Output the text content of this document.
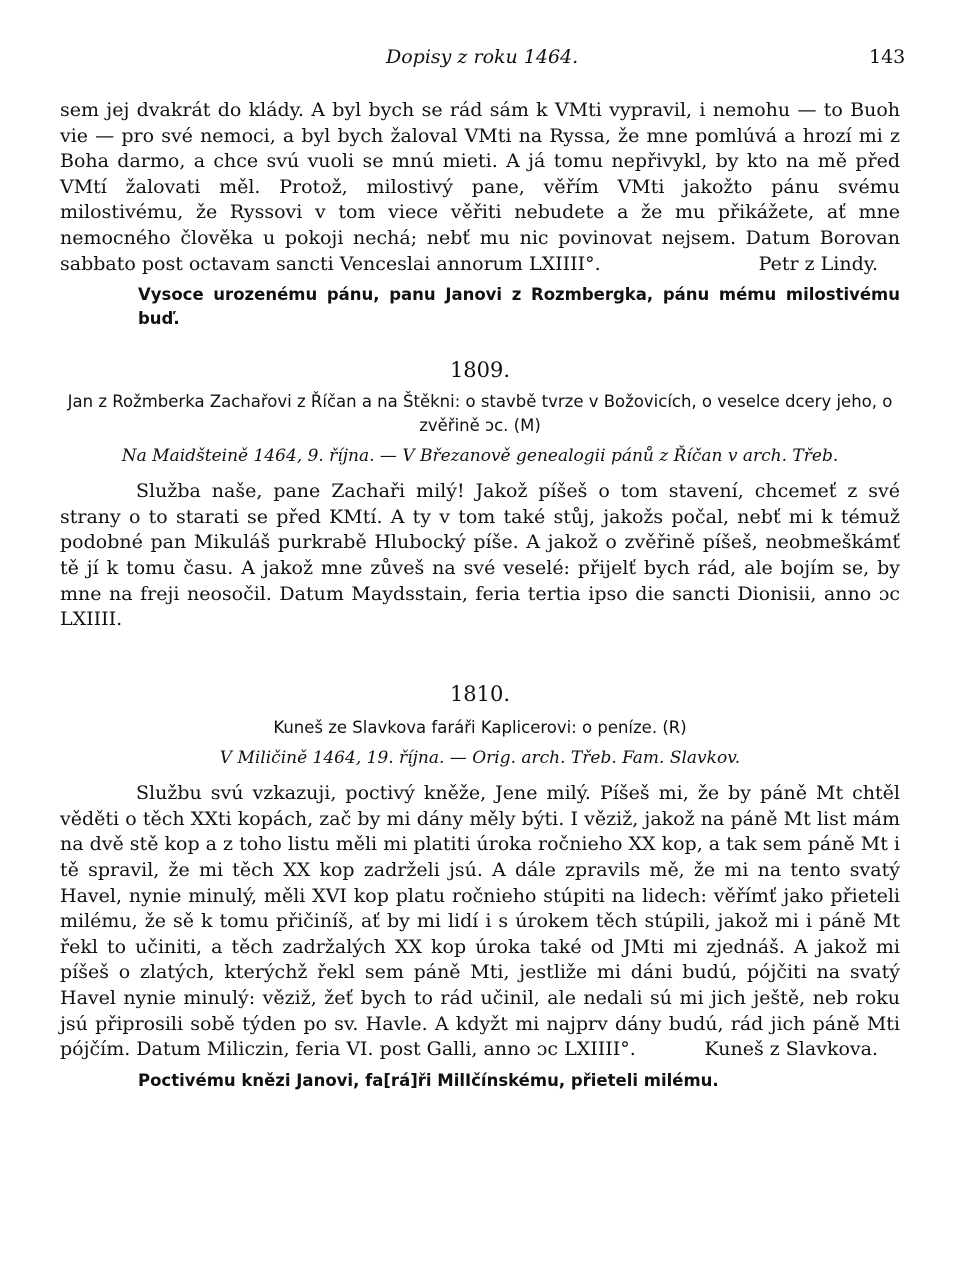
Dopisy z roku 1464.	143

sem jej dvakrát do klády. A byl bych se rád sám k VMti vypravil, i nemohu — to Buoh vie — pro své nemoci, a byl bych žaloval VMti na Ryssa, že mne pomlúvá a hrozí mi z Boha darmo, a chce svú vuoli se mnú mieti. A já tomu nepřivykl, by kto na mě před VMtí žalovati měl. Protož, milostivý pane, věřím VMti jakožto pánu svému milostivému, že Ryssovi v tom viece věřiti nebudete a že mu přikážete, ať mne nemocného člověka u pokoji nechá; nebť mu nic povinovat nejsem. Datum Borovan sabbato post octavam sancti Venceslai annorum LXIIII°.	Petr z Lindy.

Vysoce urozenému pánu, panu Janovi z Rozmbergka, pánu mému milostivému buď.

1809.

Jan z Rožmberka Zachařovi z Říčan a na Štěkni: o stavbě tvrze v Božovicích, o veselce dcery jeho, o zvěřině ɔc. (M)

Na Maidšteině 1464, 9. října. — V Březanově genealogii pánů z Říčan v arch. Třeb.

Služba naše, pane Zachaři milý! Jakož píšeš o tom stavení, chcemeť z své strany o to starati se před KMtí. A ty v tom také stůj, jakožs počal, nebť mi k témuž podobné pan Mikuláš purkrabě Hlubocký píše. A jakož o zvěřině píšeš, neobmeškámť tě jí k tomu času. A jakož mne zůveš na své veselé: přijelť bych rád, ale bojím se, by mne na freji neosočil. Datum Maydsstain, feria tertia ipso die sancti Dionisii, anno ɔc LXIIII.

1810.

Kuneš ze Slavkova faráři Kaplicerovi: o peníze. (R)

V Miličině 1464, 19. října. — Orig. arch. Třeb. Fam. Slavkov.

Službu svú vzkazuji, poctivý kněže, Jene milý. Píšeš mi, že by páně Mt chtěl věděti o těch XXti kopách, zač by mi dány měly býti. I věziž, jakož na páně Mt list mám na dvě stě kop a z toho listu měli mi platiti úroka ročnieho XX kop, a tak sem páně Mt i tě spravil, že mi těch XX kop zadrželi jsú. A dále zpravils mě, že mi na tento svatý Havel, nynie minulý, měli XVI kop platu ročnieho stúpiti na lidech: věřímť jako přieteli milému, že sě k tomu přičiníš, ať by mi lidí i s úrokem těch stúpili, jakož mi i páně Mt řekl to učiniti, a těch zadržalých XX kop úroka také od JMti mi zjednáš. A jakož mi píšeš o zlatých, kterýchž řekl sem páně Mti, jestliže mi dáni budú, pójčiti na svatý Havel nynie minulý: věziž, žeť bych to rád učinil, ale nedali sú mi jich ještě, neb roku jsú připrosili sobě týden po sv. Havle. A kdyžt mi najprv dány budú, rád jich páně Mti pójčím. Datum Miliczin, feria VI. post Galli, anno ɔc LXIIII°.	Kuneš z Slavkova.

Poctivému knězi Janovi, fa[rá]ři MilIčínskému, přieteli milému.
